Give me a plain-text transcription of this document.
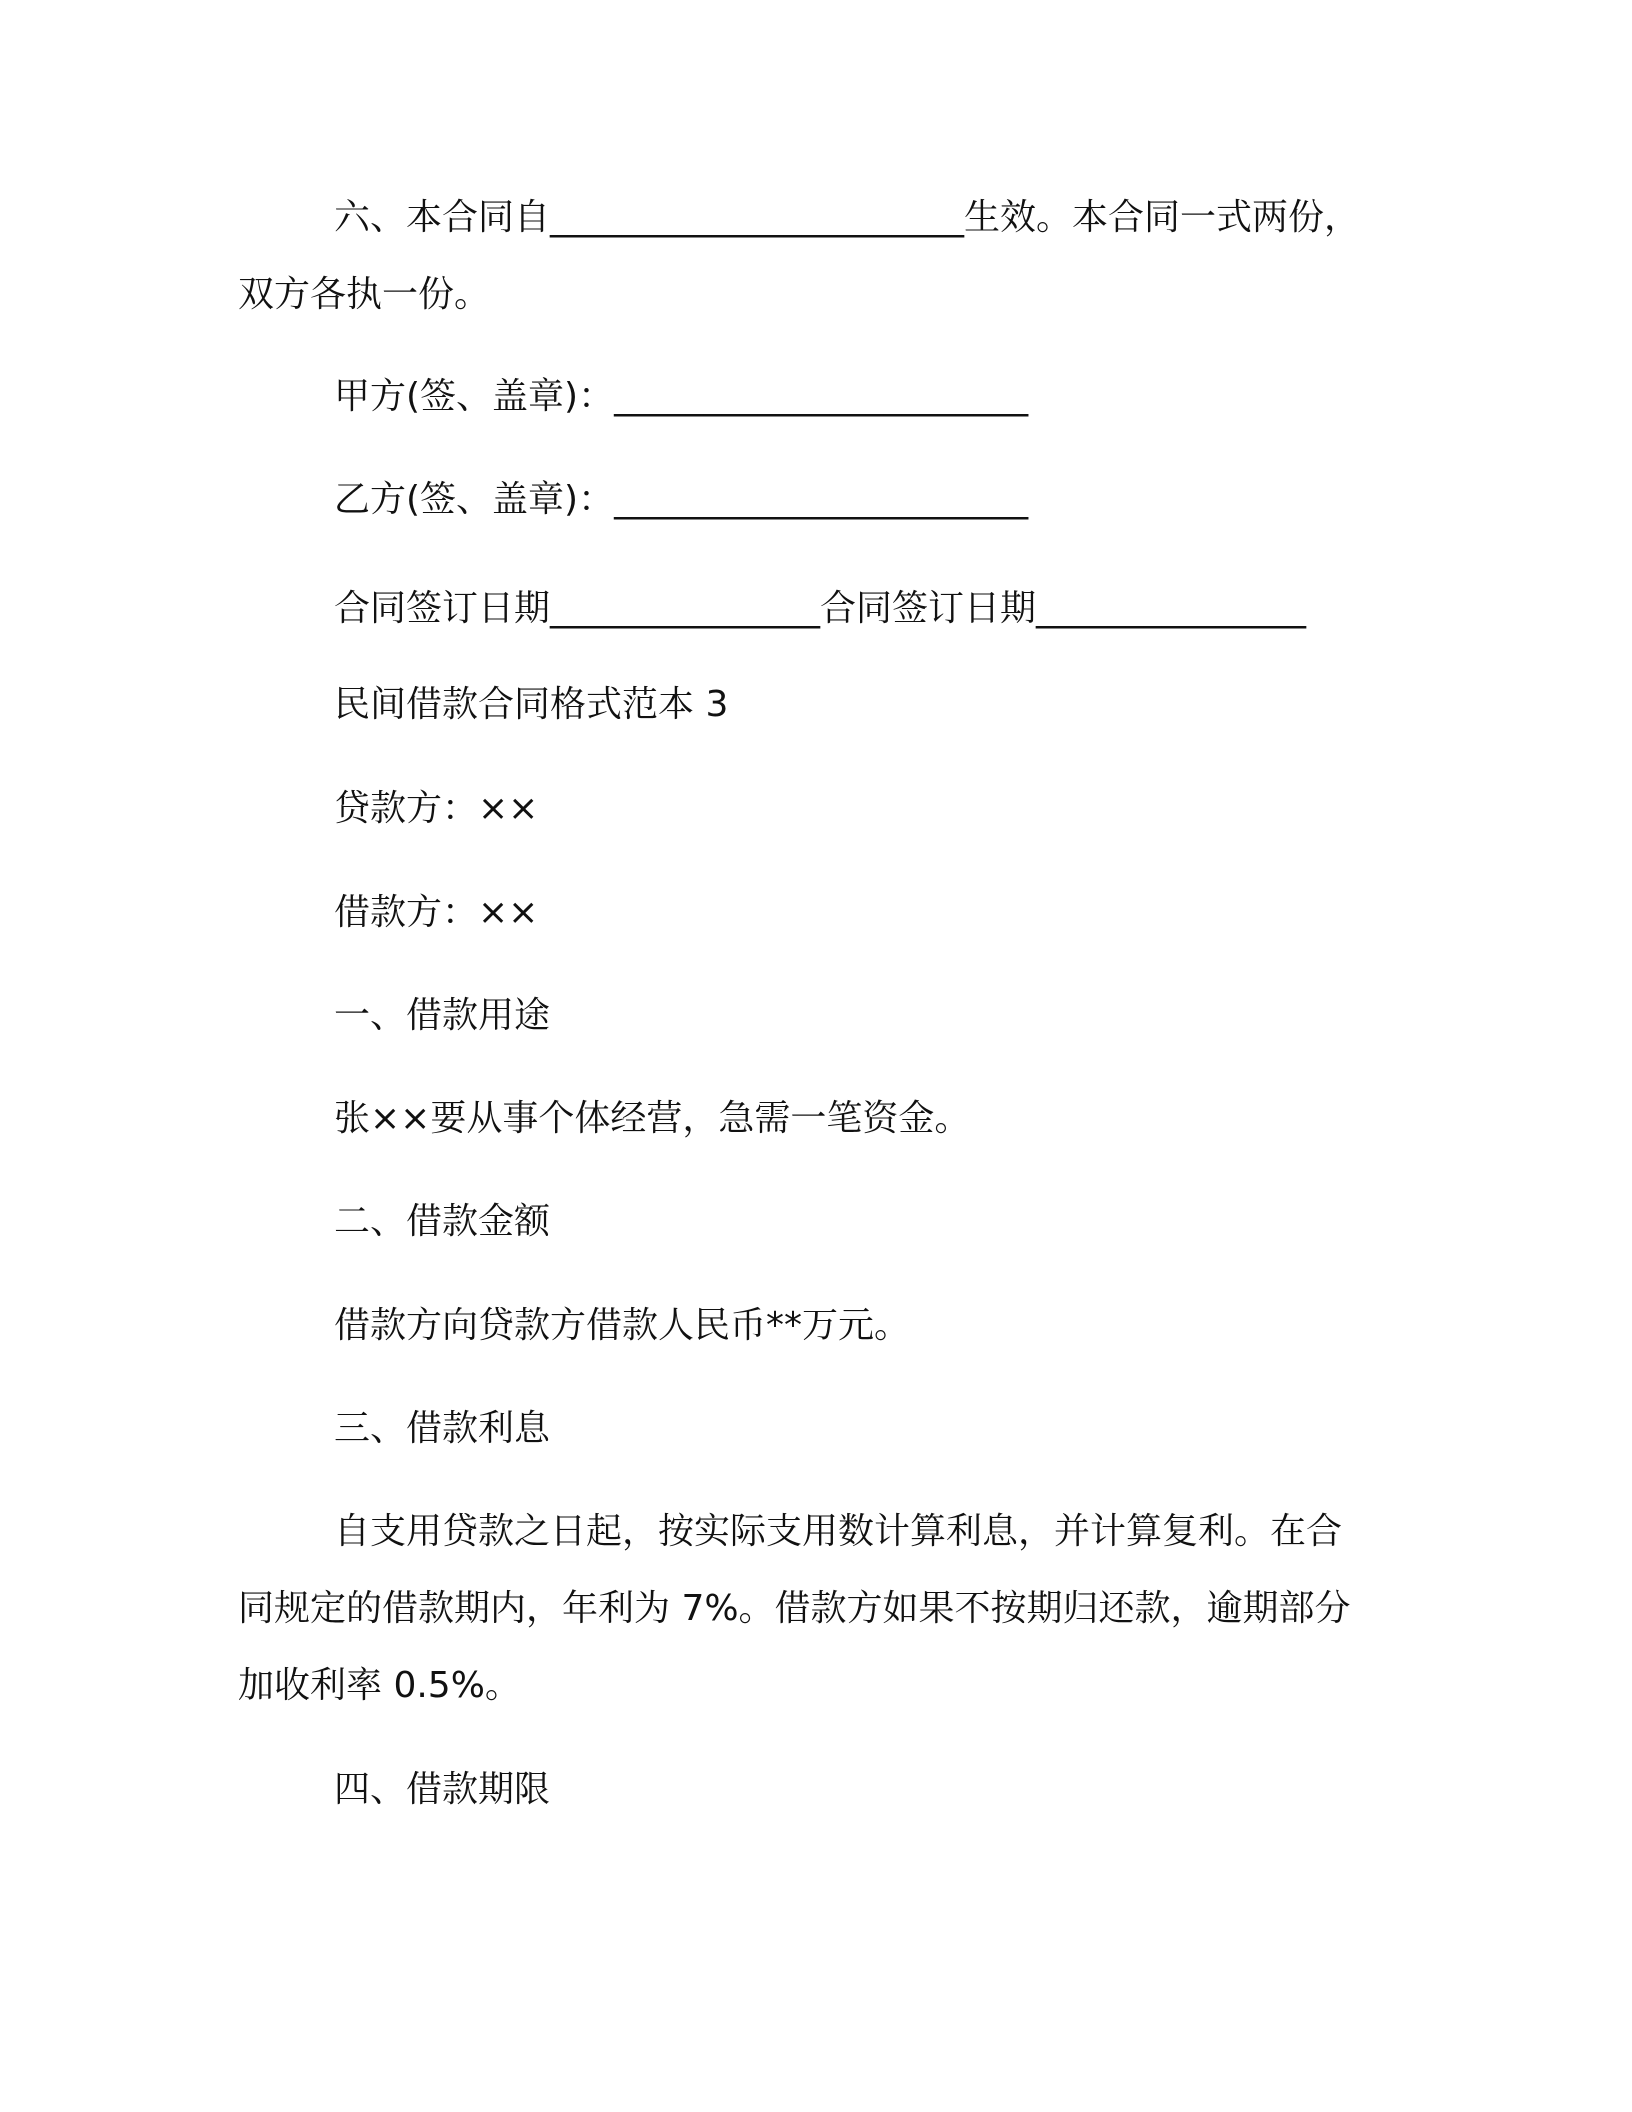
六、本合同自_______________________生效。本合同一式两份，
双方各执一份。
甲方(签、盖章)：_______________________
乙方(签、盖章)：_______________________
合同签订日期_______________合同签订日期_______________
民间借款合同格式范本 3
贷款方：××
借款方：××
一、借款用途
张××要从事个体经营，急需一笔资金。
二、借款金额
借款方向贷款方借款人民币**万元。
三、借款利息
自支用贷款之日起，按实际支用数计算利息，并计算复利。在合
同规定的借款期内，年利为 7%。借款方如果不按期归还款，逾期部分
加收利率 0.5%。
四、借款期限
